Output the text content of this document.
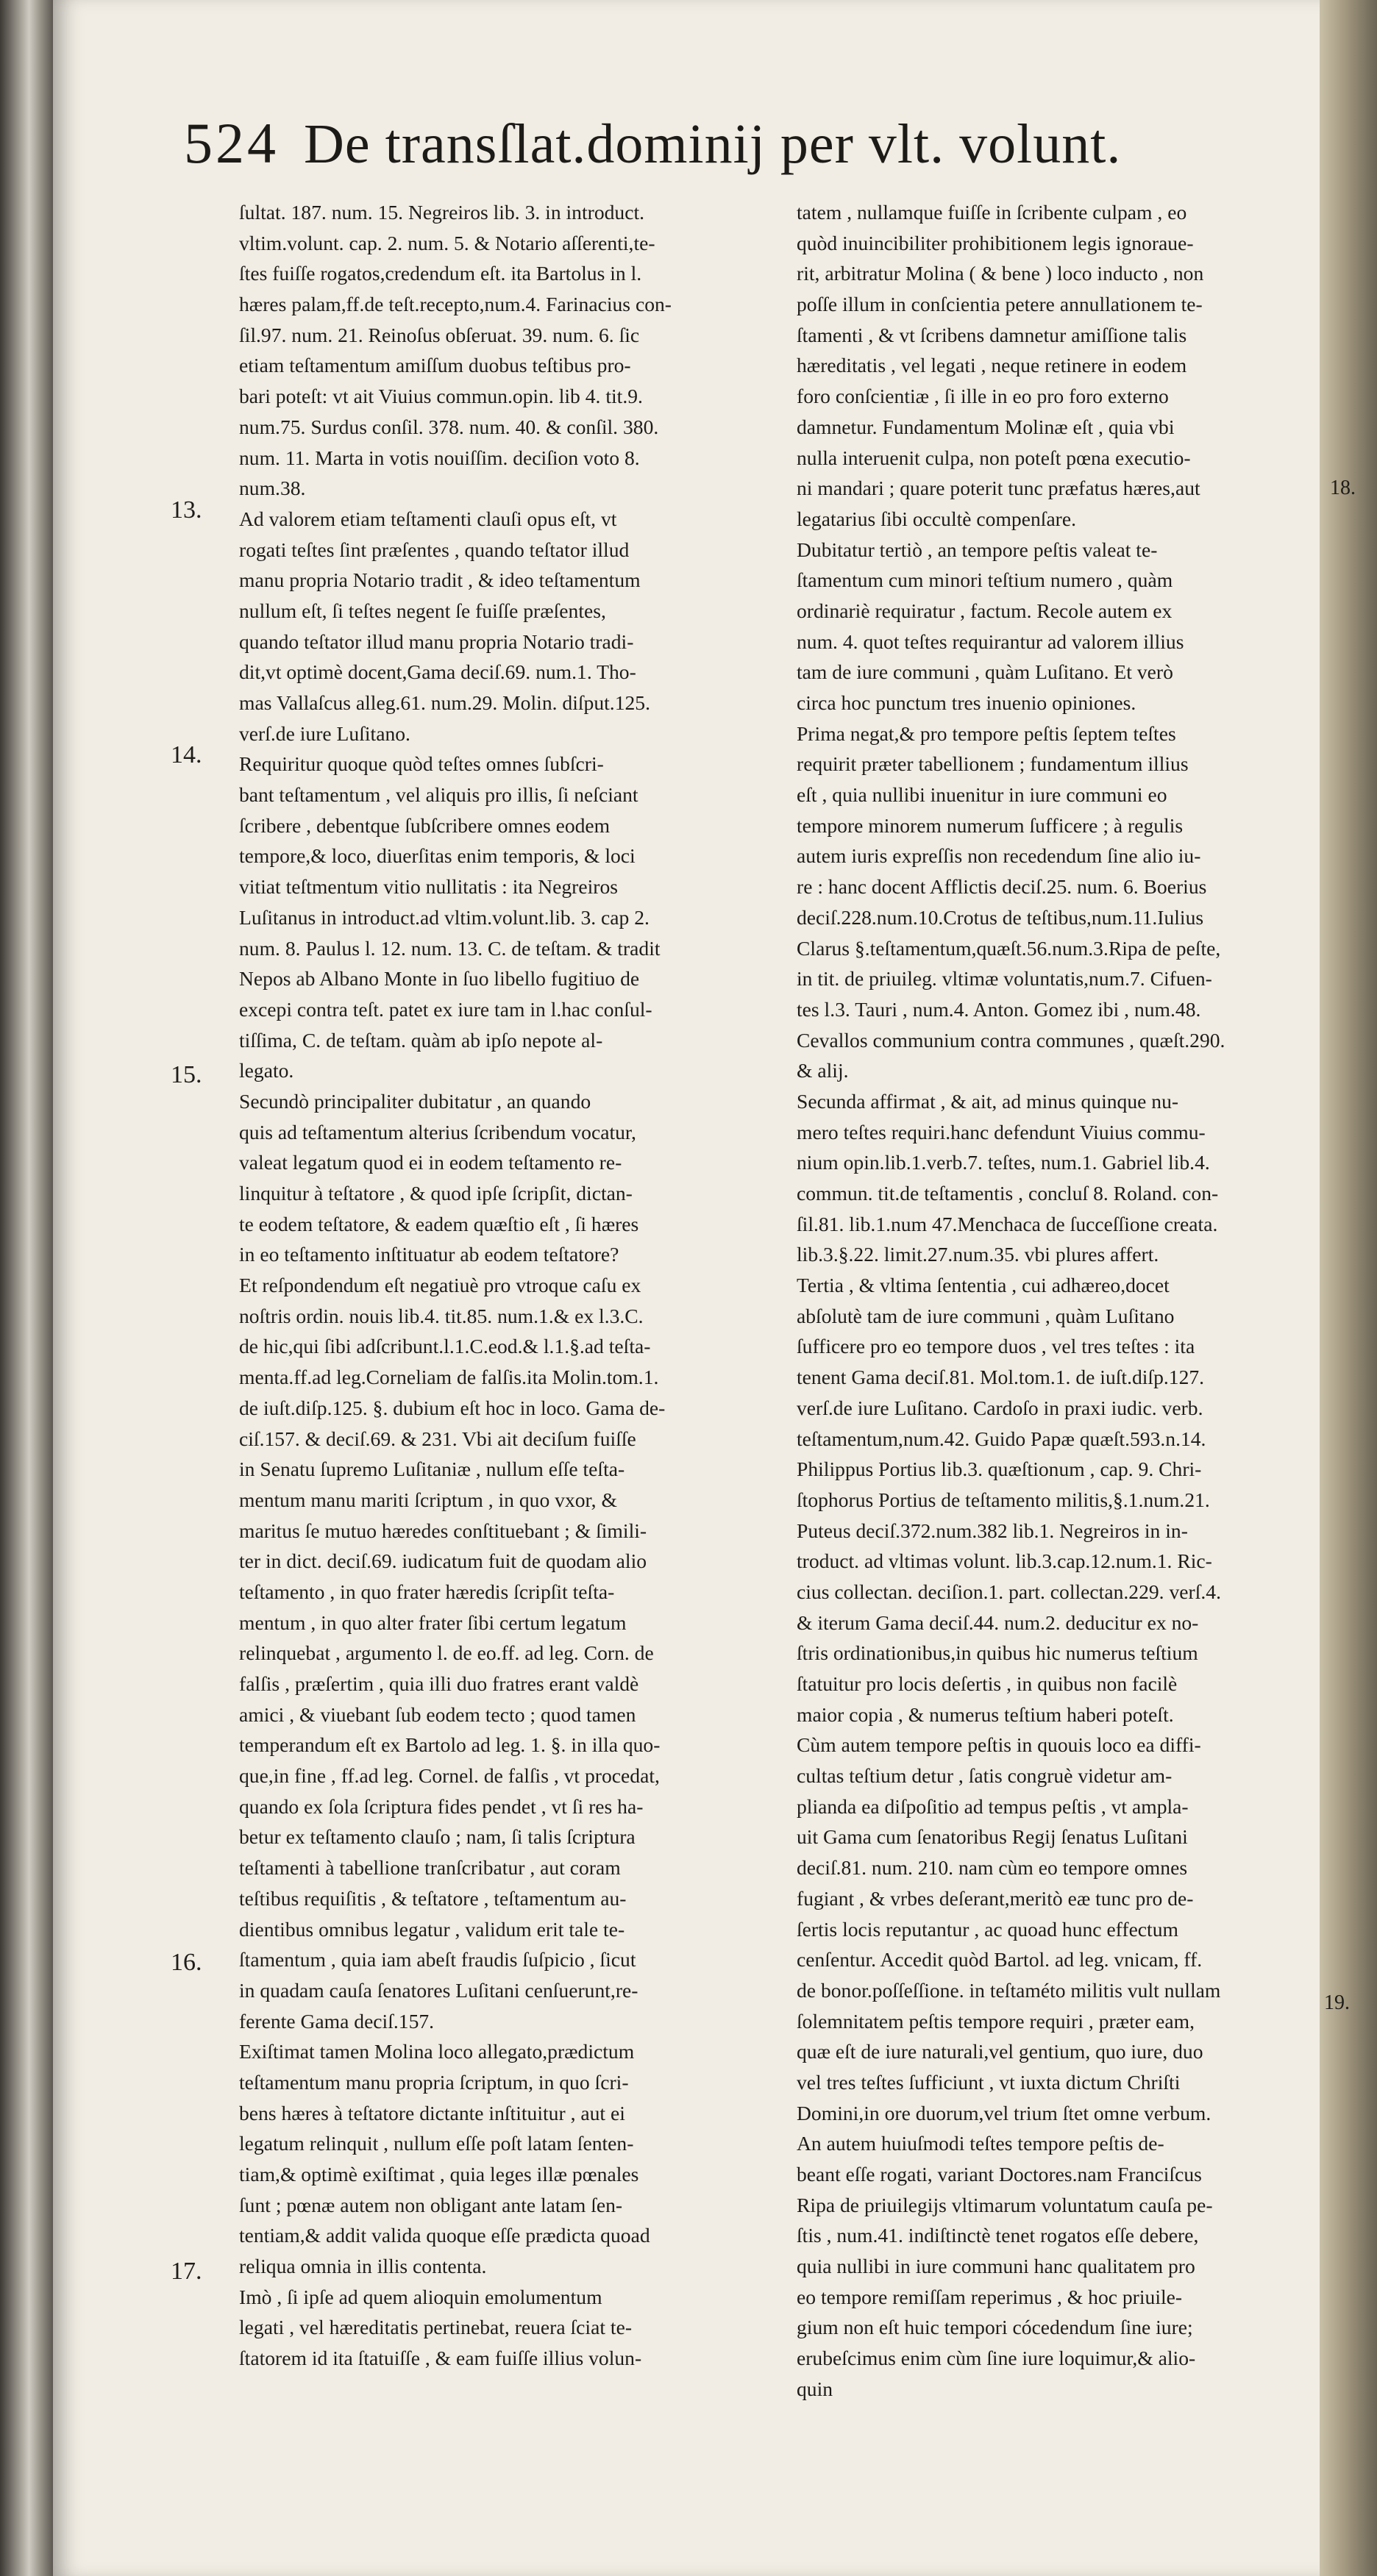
524 De transſlat.dominij per vlt. volunt.
13.
14.
15.
16.
17.
18.
19.
ſultat. 187. num. 15. Negreiros lib. 3. in introduct.
vltim.volunt. cap. 2. num. 5. & Notario aſſerenti,te-
ſtes fuiſſe rogatos,credendum eſt. ita Bartolus in l.
hæres palam,ff.de teſt.recepto,num.4. Farinacius con-
ſil.97. num. 21. Reinoſus obſeruat. 39. num. 6. ſic
etiam teſtamentum amiſſum duobus teſtibus pro-
bari poteſt: vt ait Viuius commun.opin. lib 4. tit.9.
num.75. Surdus conſil. 378. num. 40. & conſil. 380.
num. 11. Marta in votis nouiſſim. deciſion voto 8.
num.38.
Ad valorem etiam teſtamenti clauſi opus eſt, vt
rogati teſtes ſint præſentes , quando teſtator illud
manu propria Notario tradit , & ideo teſtamentum
nullum eſt, ſi teſtes negent ſe fuiſſe præſentes,
quando teſtator illud manu propria Notario tradi-
dit,vt optimè docent,Gama deciſ.69. num.1. Tho-
mas Vallaſcus alleg.61. num.29. Molin. diſput.125.
verſ.de iure Luſitano.
Requiritur quoque quòd teſtes omnes ſubſcri-
bant teſtamentum , vel aliquis pro illis, ſi neſciant
ſcribere , debentque ſubſcribere omnes eodem
tempore,& loco, diuerſitas enim temporis, & loci
vitiat teſtmentum vitio nullitatis : ita Negreiros
Luſitanus in introduct.ad vltim.volunt.lib. 3. cap 2.
num. 8. Paulus l. 12. num. 13. C. de teſtam. & tradit
Nepos ab Albano Monte in ſuo libello fugitiuo de
excepi contra teſt. patet ex iure tam in l.hac conſul-
tiſſima, C. de teſtam. quàm ab ipſo nepote al-
legato.
Secundò principaliter dubitatur , an quando
quis ad teſtamentum alterius ſcribendum vocatur,
valeat legatum quod ei in eodem teſtamento re-
linquitur à teſtatore , & quod ipſe ſcripſit, dictan-
te eodem teſtatore, & eadem quæſtio eſt , ſi hæres
in eo teſtamento inſtituatur ab eodem teſtatore?
Et reſpondendum eſt negatiuè pro vtroque caſu ex
noſtris ordin. nouis lib.4. tit.85. num.1.& ex l.3.C.
de hic,qui ſibi adſcribunt.l.1.C.eod.& l.1.§.ad teſta-
menta.ff.ad leg.Corneliam de falſis.ita Molin.tom.1.
de iuſt.diſp.125. §. dubium eſt hoc in loco. Gama de-
ciſ.157. & deciſ.69. & 231. Vbi ait deciſum fuiſſe
in Senatu ſupremo Luſitaniæ , nullum eſſe teſta-
mentum manu mariti ſcriptum , in quo vxor, &
maritus ſe mutuo hæredes conſtituebant ; & ſimili-
ter in dict. deciſ.69. iudicatum fuit de quodam alio
teſtamento , in quo frater hæredis ſcripſit teſta-
mentum , in quo alter frater ſibi certum legatum
relinquebat , argumento l. de eo.ff. ad leg. Corn. de
falſis , præſertim , quia illi duo fratres erant valdè
amici , & viuebant ſub eodem tecto ; quod tamen
temperandum eſt ex Bartolo ad leg. 1. §. in illa quo-
que,in fine , ff.ad leg. Cornel. de falſis , vt procedat,
quando ex ſola ſcriptura fides pendet , vt ſi res ha-
betur ex teſtamento clauſo ; nam, ſi talis ſcriptura
teſtamenti à tabellione tranſcribatur , aut coram
teſtibus requiſitis , & teſtatore , teſtamentum au-
dientibus omnibus legatur , validum erit tale te-
ſtamentum , quia iam abeſt fraudis ſuſpicio , ſicut
in quadam cauſa ſenatores Luſitani cenſuerunt,re-
ferente Gama deciſ.157.
Exiſtimat tamen Molina loco allegato,prædictum
teſtamentum manu propria ſcriptum, in quo ſcri-
bens hæres à teſtatore dictante inſtituitur , aut ei
legatum relinquit , nullum eſſe poſt latam ſenten-
tiam,& optimè exiſtimat , quia leges illæ pœnales
ſunt ; pœnæ autem non obligant ante latam ſen-
tentiam,& addit valida quoque eſſe prædicta quoad
reliqua omnia in illis contenta.
Imò , ſi ipſe ad quem alioquin emolumentum
legati , vel hæreditatis pertinebat, reuera ſciat te-
ſtatorem id ita ſtatuiſſe , & eam fuiſſe illius volun-
tatem , nullamque fuiſſe in ſcribente culpam , eo
quòd inuincibiliter prohibitionem legis ignoraue-
rit, arbitratur Molina ( & bene ) loco inducto , non
poſſe illum in conſcientia petere annullationem te-
ſtamenti , & vt ſcribens damnetur amiſſione talis
hæreditatis , vel legati , neque retinere in eodem
foro conſcientiæ , ſi ille in eo pro foro externo
damnetur. Fundamentum Molinæ eſt , quia vbi
nulla interuenit culpa, non poteſt pœna executio-
ni mandari ; quare poterit tunc præfatus hæres,aut
legatarius ſibi occultè compenſare.
Dubitatur tertiò , an tempore peſtis valeat te-
ſtamentum cum minori teſtium numero , quàm
ordinariè requiratur , factum. Recole autem ex
num. 4. quot teſtes requirantur ad valorem illius
tam de iure communi , quàm Luſitano. Et verò
circa hoc punctum tres inuenio opiniones.
Prima negat,& pro tempore peſtis ſeptem teſtes
requirit præter tabellionem ; fundamentum illius
eſt , quia nullibi inuenitur in iure communi eo
tempore minorem numerum ſufficere ; à regulis
autem iuris expreſſis non recedendum ſine alio iu-
re : hanc docent Afflictis deciſ.25. num. 6. Boerius
deciſ.228.num.10.Crotus de teſtibus,num.11.Iulius
Clarus §.teſtamentum,quæſt.56.num.3.Ripa de peſte,
in tit. de priuileg. vltimæ voluntatis,num.7. Cifuen-
tes l.3. Tauri , num.4. Anton. Gomez ibi , num.48.
Cevallos communium contra communes , quæſt.290.
& alij.
Secunda affirmat , & ait, ad minus quinque nu-
mero teſtes requiri.hanc defendunt Viuius commu-
nium opin.lib.1.verb.7. teſtes, num.1. Gabriel lib.4.
commun. tit.de teſtamentis , concluſ 8. Roland. con-
ſil.81. lib.1.num 47.Menchaca de ſucceſſione creata.
lib.3.§.22. limit.27.num.35. vbi plures affert.
Tertia , & vltima ſententia , cui adhæreo,docet
abſolutè tam de iure communi , quàm Luſitano
ſufficere pro eo tempore duos , vel tres teſtes : ita
tenent Gama deciſ.81. Mol.tom.1. de iuſt.diſp.127.
verſ.de iure Luſitano. Cardoſo in praxi iudic. verb.
teſtamentum,num.42. Guido Papæ quæſt.593.n.14.
Philippus Portius lib.3. quæſtionum , cap. 9. Chri-
ſtophorus Portius de teſtamento militis,§.1.num.21.
Puteus deciſ.372.num.382 lib.1. Negreiros in in-
troduct. ad vltimas volunt. lib.3.cap.12.num.1. Ric-
cius collectan. deciſion.1. part. collectan.229. verſ.4.
& iterum Gama deciſ.44. num.2. deducitur ex no-
ſtris ordinationibus,in quibus hic numerus teſtium
ſtatuitur pro locis deſertis , in quibus non facilè
maior copia , & numerus teſtium haberi poteſt.
Cùm autem tempore peſtis in quouis loco ea diffi-
cultas teſtium detur , ſatis congruè videtur am-
plianda ea diſpoſitio ad tempus peſtis , vt ampla-
uit Gama cum ſenatoribus Regij ſenatus Luſitani
deciſ.81. num. 210. nam cùm eo tempore omnes
fugiant , & vrbes deſerant,meritò eæ tunc pro de-
ſertis locis reputantur , ac quoad hunc effectum
cenſentur. Accedit quòd Bartol. ad leg. vnicam, ff.
de bonor.poſſeſſione. in teſtaméto militis vult nullam
ſolemnitatem peſtis tempore requiri , præter eam,
quæ eſt de iure naturali,vel gentium, quo iure, duo
vel tres teſtes ſufficiunt , vt iuxta dictum Chriſti
Domini,in ore duorum,vel trium ſtet omne verbum.
An autem huiuſmodi teſtes tempore peſtis de-
beant eſſe rogati, variant Doctores.nam Franciſcus
Ripa de priuilegijs vltimarum voluntatum cauſa pe-
ſtis , num.41. indiſtinctè tenet rogatos eſſe debere,
quia nullibi in iure communi hanc qualitatem pro
eo tempore remiſſam reperimus , & hoc priuile-
gium non eſt huic tempori cócedendum ſine iure;
erubeſcimus enim cùm ſine iure loquimur,& alio-
quin
